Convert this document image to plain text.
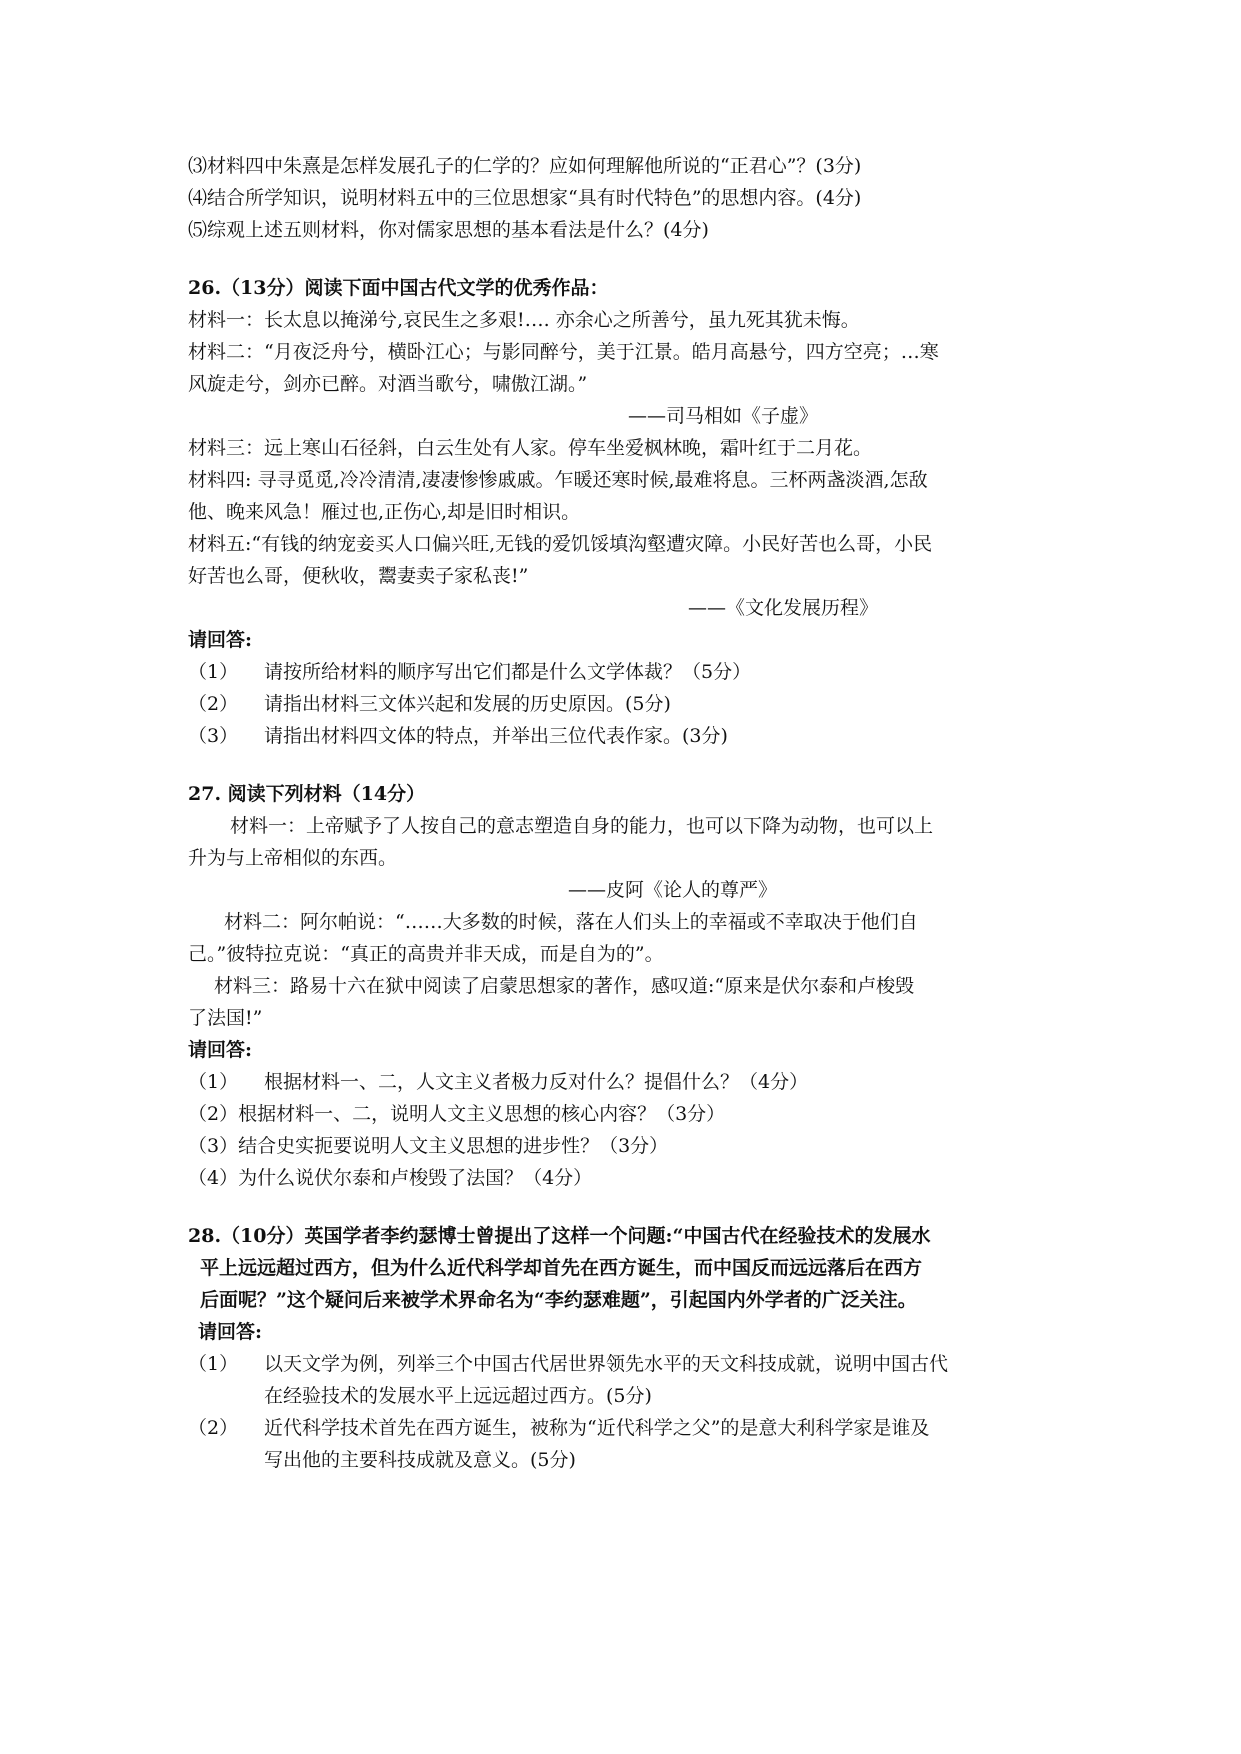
⑶材料四中朱熹是怎样发展孔子的仁学的？应如何理解他所说的“正君心”？(3分)
⑷结合所学知识，说明材料五中的三位思想家“具有时代特色”的思想内容。(4分)
⑸综观上述五则材料，你对儒家思想的基本看法是什么？(4分)
26.（13分）阅读下面中国古代文学的优秀作品：
材料一：长太息以掩涕兮,哀民生之多艰!…. 亦余心之所善兮，虽九死其犹未悔。
材料二：“月夜泛舟兮，横卧江心；与影同醉兮，美于江景。皓月高悬兮，四方空亮；…寒
风旋走兮，剑亦已醉。对酒当歌兮，啸傲江湖。”
——司马相如《子虚》
材料三：远上寒山石径斜，白云生处有人家。停车坐爱枫林晚，霜叶红于二月花。
材料四: 寻寻觅觅,冷冷清清,凄凄惨惨戚戚。乍暖还寒时候,最难将息。三杯两盏淡酒,怎敌
他、晚来风急！雁过也,正伤心,却是旧时相识。
材料五:“有钱的纳宠妾买人口偏兴旺,无钱的爱饥馁填沟壑遭灾障。小民好苦也么哥，小民
好苦也么哥，便秋收，鬻妻卖子家私丧!”
——《文化发展历程》
请回答:
（1）	请按所给材料的顺序写出它们都是什么文学体裁？（5分）
（2）	请指出材料三文体兴起和发展的历史原因。(5分)
（3）	请指出材料四文体的特点，并举出三位代表作家。(3分)
27. 阅读下列材料（14分）
材料一：上帝赋予了人按自己的意志塑造自身的能力，也可以下降为动物，也可以上
升为与上帝相似的东西。
——皮阿《论人的尊严》
材料二：阿尔帕说：“……大多数的时候，落在人们头上的幸福或不幸取决于他们自
己。”彼特拉克说：“真正的高贵并非天成，而是自为的”。
材料三：路易十六在狱中阅读了启蒙思想家的著作，感叹道:“原来是伏尔泰和卢梭毁
了法国!”
请回答:
（1）	根据材料一、二，人文主义者极力反对什么？提倡什么？（4分）
（2） 根据材料一、二，说明人文主义思想的核心内容？（3分）
（3） 结合史实扼要说明人文主义思想的进步性？（3分）
（4） 为什么说伏尔泰和卢梭毁了法国？（4分）
28.（10分）英国学者李约瑟博士曾提出了这样一个问题:“中国古代在经验技术的发展水
平上远远超过西方，但为什么近代科学却首先在西方诞生，而中国反而远远落后在西方
后面呢？”这个疑问后来被学术界命名为“李约瑟难题”，引起国内外学者的广泛关注。
请回答:
（1）	以天文学为例，列举三个中国古代居世界领先水平的天文科技成就，说明中国古代
在经验技术的发展水平上远远超过西方。(5分)
（2）	近代科学技术首先在西方诞生，被称为“近代科学之父”的是意大利科学家是谁及
写出他的主要科技成就及意义。(5分)
